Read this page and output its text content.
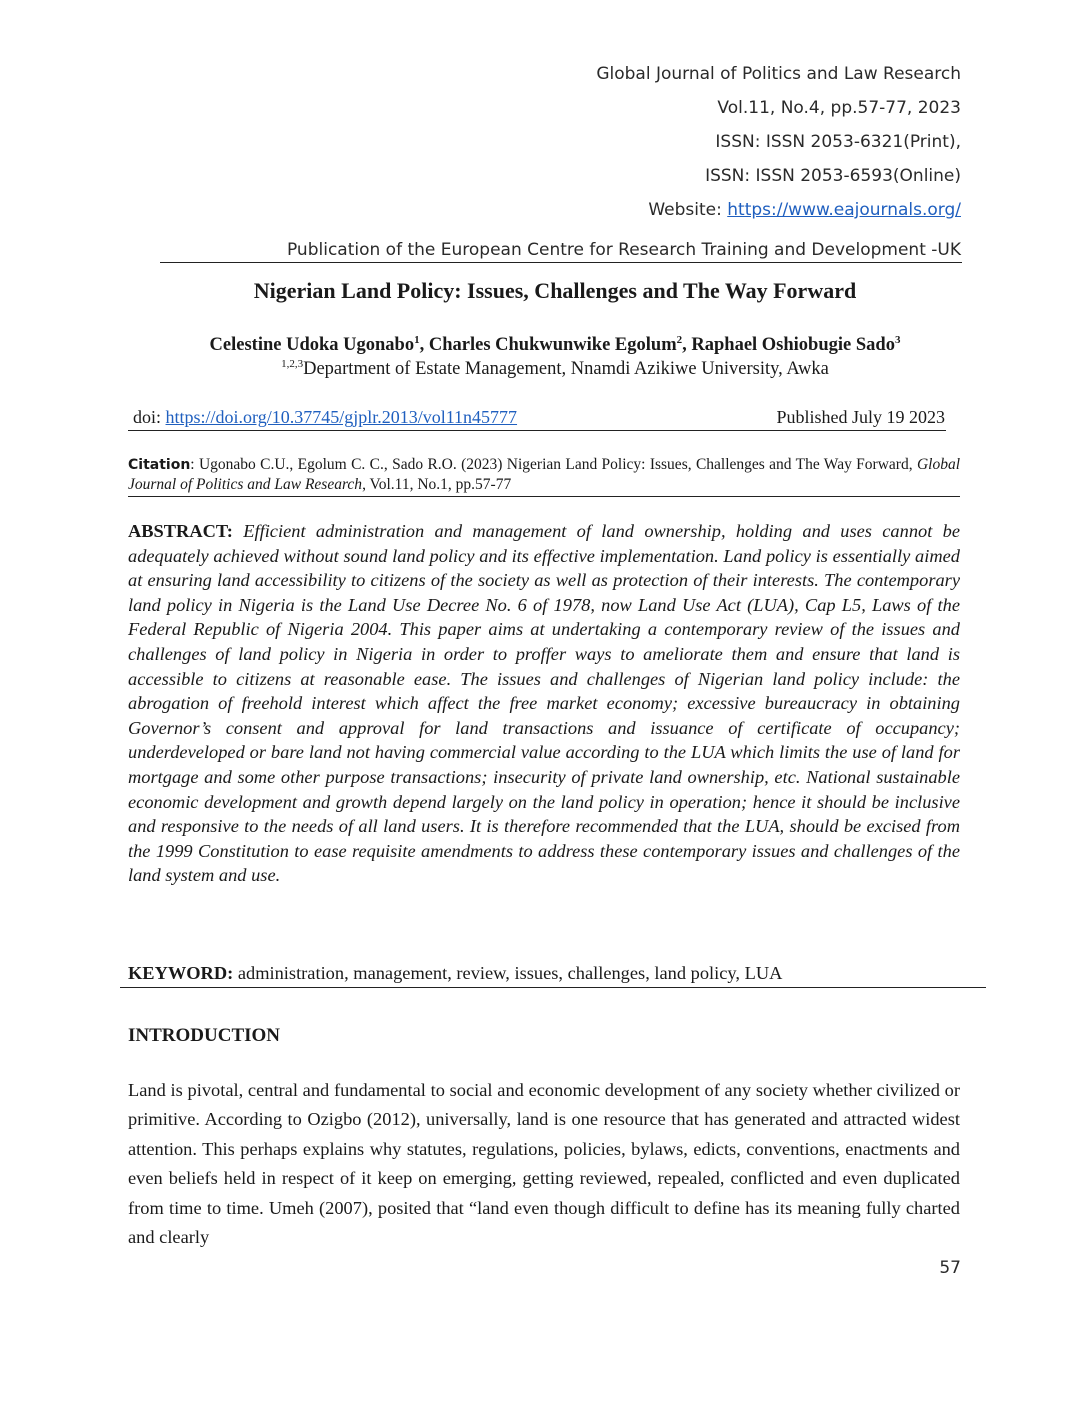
Global Journal of Politics and Law Research
Vol.11, No.4, pp.57-77, 2023
ISSN: ISSN 2053-6321(Print),
ISSN: ISSN 2053-6593(Online)
Website: https://www.eajournals.org/
Publication of the European Centre for Research Training and Development -UK
Nigerian Land Policy: Issues, Challenges and The Way Forward
Celestine Udoka Ugonabo$^1$, Charles Chukwunwike Egolum$^2$, Raphael Oshiobugie Sado$^3$
$^{1,2,3}$Department of Estate Management, Nnamdi Azikiwe University, Awka
doi: https://doi.org/10.37745/gjplr.2013/vol11n45777	Published July 19 2023
Citation: Ugonabo C.U., Egolum C. C., Sado R.O. (2023) Nigerian Land Policy: Issues, Challenges and The Way Forward, Global Journal of Politics and Law Research, Vol.11, No.1, pp.57-77
ABSTRACT: Efficient administration and management of land ownership, holding and uses cannot be adequately achieved without sound land policy and its effective implementation. Land policy is essentially aimed at ensuring land accessibility to citizens of the society as well as protection of their interests. The contemporary land policy in Nigeria is the Land Use Decree No. 6 of 1978, now Land Use Act (LUA), Cap L5, Laws of the Federal Republic of Nigeria 2004. This paper aims at undertaking a contemporary review of the issues and challenges of land policy in Nigeria in order to proffer ways to ameliorate them and ensure that land is accessible to citizens at reasonable ease. The issues and challenges of Nigerian land policy include: the abrogation of freehold interest which affect the free market economy; excessive bureaucracy in obtaining Governor’s consent and approval for land transactions and issuance of certificate of occupancy; underdeveloped or bare land not having commercial value according to the LUA which limits the use of land for mortgage and some other purpose transactions; insecurity of private land ownership, etc. National sustainable economic development and growth depend largely on the land policy in operation; hence it should be inclusive and responsive to the needs of all land users. It is therefore recommended that the LUA, should be excised from the 1999 Constitution to ease requisite amendments to address these contemporary issues and challenges of the land system and use.
KEYWORD: administration, management, review, issues, challenges, land policy, LUA
INTRODUCTION
Land is pivotal, central and fundamental to social and economic development of any society whether civilized or primitive. According to Ozigbo (2012), universally, land is one resource that has generated and attracted widest attention. This perhaps explains why statutes, regulations, policies, bylaws, edicts, conventions, enactments and even beliefs held in respect of it keep on emerging, getting reviewed, repealed, conflicted and even duplicated from time to time. Umeh (2007), posited that “land even though difficult to define has its meaning fully charted and clearly
57
